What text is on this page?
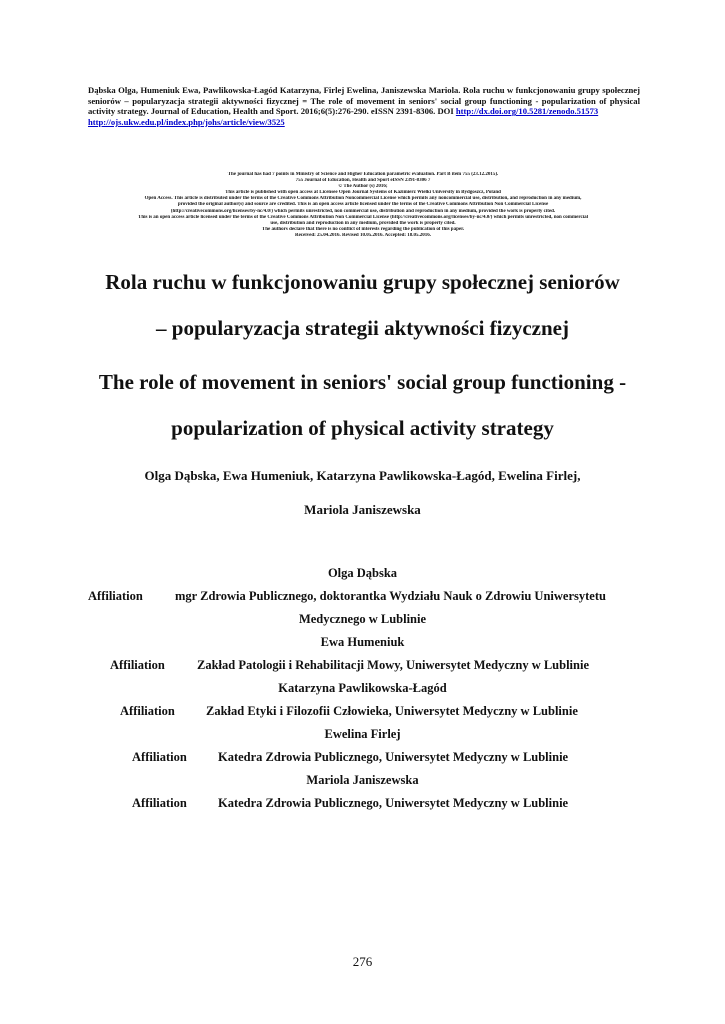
Dąbska Olga, Humeniuk Ewa, Pawlikowska-Łagód Katarzyna, Firlej Ewelina, Janiszewska Mariola. Rola ruchu w funkcjonowaniu grupy społecznej seniorów – popularyzacja strategii aktywności fizycznej = The role of movement in seniors' social group functioning - popularization of physical activity strategy. Journal of Education, Health and Sport. 2016;6(5):276-290. eISSN 2391-8306. DOI http://dx.doi.org/10.5281/zenodo.51573
http://ojs.ukw.edu.pl/index.php/johs/article/view/3525
The journal has had 7 points in Ministry of Science and Higher Education parametric evaluation. Part B item 755 (23.12.2015).
755 Journal of Education, Health and Sport eISSN 2391-8306 7
© The Author (s) 2016;
This article is published with open access at Licensee Open Journal Systems of Kazimierz Wielki University in Bydgoszcz, Poland
Open Access. This article is distributed under the terms of the Creative Commons Attribution Noncommercial License which permits any noncommercial use, distribution, and reproduction in any medium,
provided the original author(s) and source are credited. This is an open access article licensed under the terms of the Creative Commons Attribution Non Commercial License
(http://creativecommons.org/licenses/by-nc/4.0/) which permits unrestricted, non commercial use, distribution and reproduction in any medium, provided the work is properly cited.
This is an open access article licensed under the terms of the Creative Commons Attribution Non Commercial License (http://creativecommons.org/licenses/by-nc/4.0/) which permits unrestricted, non commercial
use, distribution and reproduction in any medium, provided the work is properly cited.
The authors declare that there is no conflict of interests regarding the publication of this paper.
Received: 25.04.2016. Revised 10.05.2016. Accepted: 18.05.2016.
Rola ruchu w funkcjonowaniu grupy społecznej seniorów
– popularyzacja strategii aktywności fizycznej
The role of movement in seniors' social group functioning -
popularization of physical activity strategy
Olga Dąbska, Ewa Humeniuk, Katarzyna Pawlikowska-Łagód, Ewelina Firlej,
Mariola Janiszewska
Olga Dąbska
Affiliation	mgr Zdrowia Publicznego, doktorantka Wydziału Nauk o Zdrowiu Uniwersytetu
Medycznego w Lublinie
Ewa Humeniuk
Affiliation	Zakład Patologii i Rehabilitacji Mowy, Uniwersytet Medyczny w Lublinie
Katarzyna Pawlikowska-Łagód
Affiliation Zakład Etyki i Filozofii Człowieka, Uniwersytet Medyczny w Lublinie
Ewelina Firlej
Affiliation Katedra Zdrowia Publicznego, Uniwersytet Medyczny w Lublinie
Mariola Janiszewska
Affiliation Katedra Zdrowia Publicznego, Uniwersytet Medyczny w Lublinie
276
